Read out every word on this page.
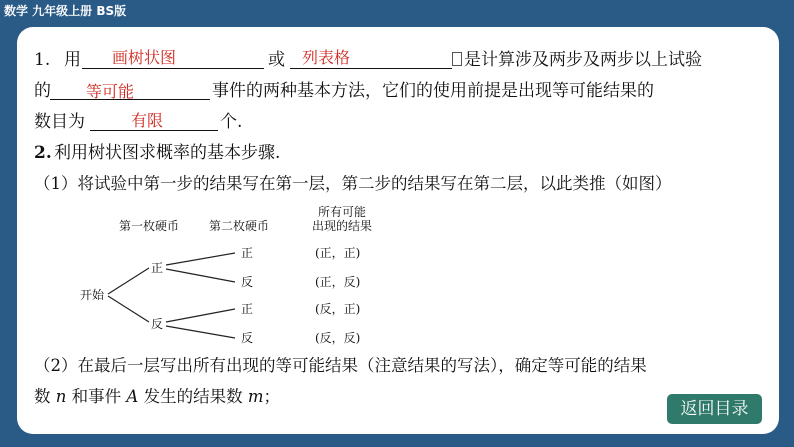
数学 九年级上册 BS版
1. 用 画树状图	或 列表格	是计算涉及两步及两步以上试验
的 等可能	事件的两种基本方法，它们的使用前提是出现等可能结果的
数目为	有限	个.
2. 利用树状图求概率的基本步骤.
（1）将试验中第一步的结果写在第一层，第二步的结果写在第二层，以此类推（如图）
第一枚硬币 第二枚硬币
所有可能
出现的结果
开始
正
反
正
反
正
反
(正，正)
(正，反)
(反，正)
(反，反)
（2）在最后一层写出所有出现的等可能结果（注意结果的写法），确定等可能的结果
数 n 和事件 A 发生的结果数 m；
返回目录
